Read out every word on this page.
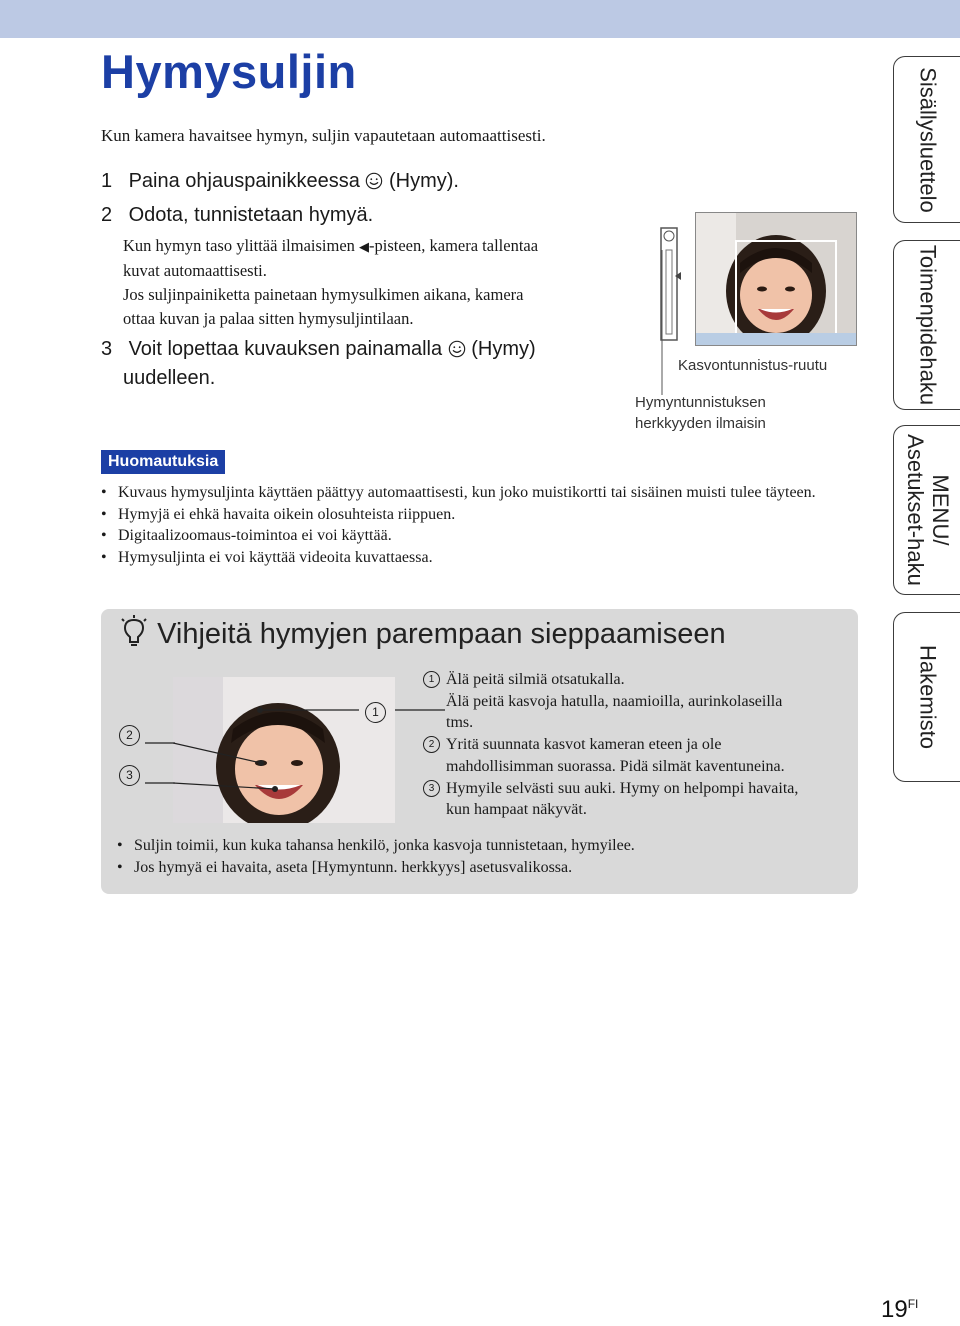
Hymysuljin
Kun kamera havaitsee hymyn, suljin vapautetaan automaattisesti.
1 Paina ohjauspainikkeessa (Hymy).
2 Odota, tunnistetaan hymyä.
Kun hymyn taso ylittää ilmaisimen ◀-pisteen, kamera tallentaa
kuvat automaattisesti.
Jos suljinpainiketta painetaan hymysulkimen aikana, kamera
ottaa kuvan ja palaa sitten hymysuljintilaan.
3 Voit lopettaa kuvauksen painamalla (Hymy)
uudelleen.
Kasvontunnistus-ruutu
Hymyntunnistuksen
herkkyyden ilmaisin
Huomautuksia
• Kuvaus hymysuljinta käyttäen päättyy automaattisesti, kun joko muistikortti tai sisäinen muisti tulee täyteen.
• Hymyjä ei ehkä havaita oikein olosuhteista riippuen.
• Digitaalizoomaus-toimintoa ei voi käyttää.
• Hymysuljinta ei voi käyttää videoita kuvattaessa.
Vihjeitä hymyjen parempaan sieppaamiseen
1
2
3
1 Älä peitä silmiä otsatukalla.
Älä peitä kasvoja hatulla, naamioilla, aurinkolaseilla
tms.
2 Yritä suunnata kasvot kameran eteen ja ole
mahdollisimman suorassa. Pidä silmät kaventuneina.
3 Hymyile selvästi suu auki. Hymy on helpompi havaita,
kun hampaat näkyvät.
• Suljin toimii, kun kuka tahansa henkilö, jonka kasvoja tunnistetaan, hymyilee.
• Jos hymyä ei havaita, aseta [Hymyntunn. herkkyys] asetusvalikossa.
Sisällysluettelo
Toimenpidehaku
MENU/
Asetukset-haku
Hakemisto
$19^{FI}$
